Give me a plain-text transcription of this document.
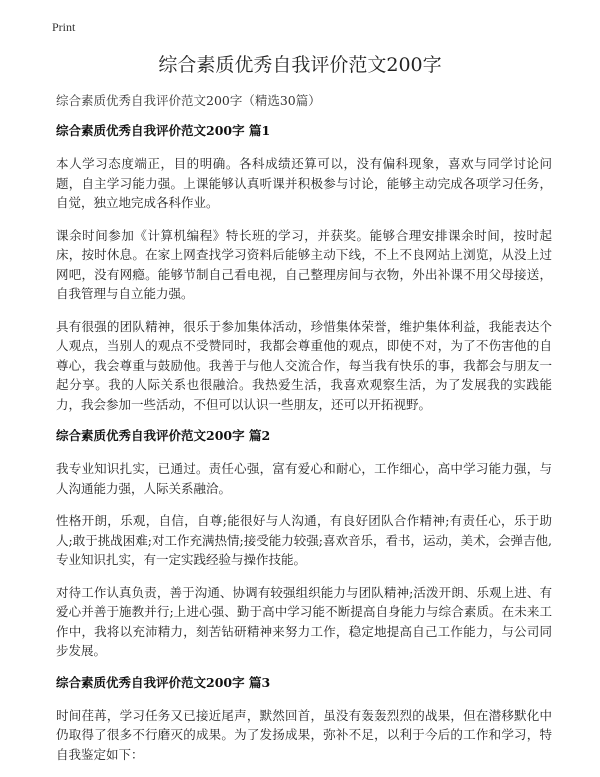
Print
综合素质优秀自我评价范文200字
综合素质优秀自我评价范文200字（精选30篇）
综合素质优秀自我评价范文200字 篇1

本人学习态度端正，目的明确。各科成绩还算可以，没有偏科现象，喜欢与同学讨论问题，自主学习能力强。上课能够认真听课并积极参与讨论，能够主动完成各项学习任务，自觉，独立地完成各科作业。

课余时间参加《计算机编程》特长班的学习，并获奖。能够合理安排课余时间，按时起床，按时休息。在家上网查找学习资料后能够主动下线，不上不良网站上浏览，从没上过网吧，没有网瘾。能够节制自己看电视，自己整理房间与衣物，外出补课不用父母接送，自我管理与自立能力强。

具有很强的团队精神，很乐于参加集体活动，珍惜集体荣誉，维护集体利益，我能表达个人观点，当别人的观点不受赞同时，我都会尊重他的观点，即使不对，为了不伤害他的自尊心，我会尊重与鼓励他。我善于与他人交流合作，每当我有快乐的事，我都会与朋友一起分享。我的人际关系也很融洽。我热爱生活，我喜欢观察生活，为了发展我的实践能力，我会参加一些活动，不但可以认识一些朋友，还可以开拓视野。

综合素质优秀自我评价范文200字 篇2

我专业知识扎实，已通过。责任心强，富有爱心和耐心，工作细心，高中学习能力强，与人沟通能力强，人际关系融洽。

性格开朗，乐观，自信，自尊;能很好与人沟通，有良好团队合作精神;有责任心，乐于助人;敢于挑战困难;对工作充满热情;接受能力较强;喜欢音乐，看书，运动，美术，会弹吉他,专业知识扎实，有一定实践经验与操作技能。

对待工作认真负责，善于沟通、协调有较强组织能力与团队精神;活泼开朗、乐观上进、有爱心并善于施教并行;上进心强、勤于高中学习能不断提高自身能力与综合素质。在未来工作中，我将以充沛精力，刻苦钻研精神来努力工作，稳定地提高自己工作能力，与公司同步发展。

综合素质优秀自我评价范文200字 篇3

时间荏苒，学习任务又已接近尾声，默然回首，虽没有轰轰烈烈的战果，但在潜移默化中仍取得了很多不行磨灭的成果。为了发扬成果，弥补不足，以利于今后的工作和学习，特自我鉴定如下：
